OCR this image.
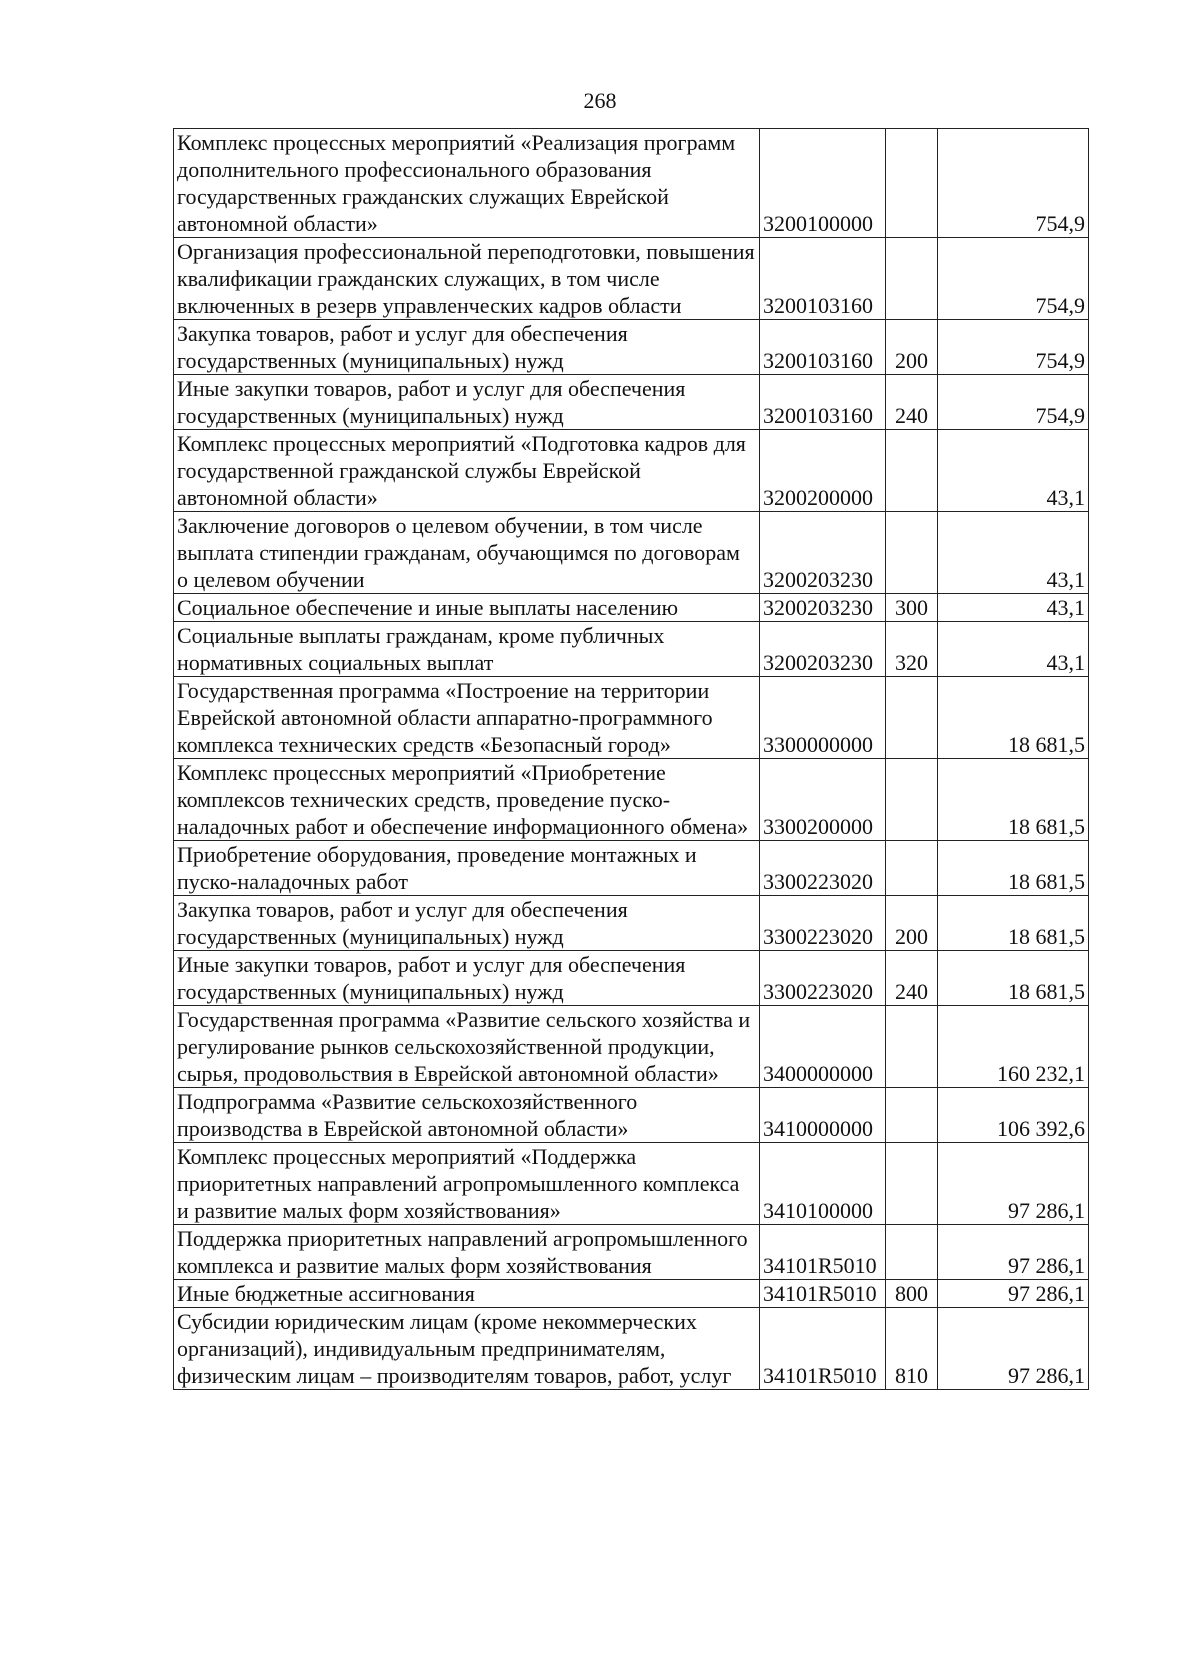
268
Комплекс процессных мероприятий «Реализация программ дополнительного профессионального образования государственных гражданских служащих Еврейской автономной области»	3200100000		754,9
Организация профессиональной переподготовки, повышения квалификации гражданских служащих, в том числе включенных в резерв управленческих кадров области	3200103160		754,9
Закупка товаров, работ и услуг для обеспечения государственных (муниципальных) нужд	3200103160	200	754,9
Иные закупки товаров, работ и услуг для обеспечения государственных (муниципальных) нужд	3200103160	240	754,9
Комплекс процессных мероприятий «Подготовка кадров для государственной гражданской службы Еврейской автономной области»	3200200000		43,1
Заключение договоров о целевом обучении, в том числе выплата стипендии гражданам, обучающимся по договорам о целевом обучении	3200203230		43,1
Социальное обеспечение и иные выплаты населению	3200203230	300	43,1
Социальные выплаты гражданам, кроме публичных нормативных социальных выплат	3200203230	320	43,1
Государственная программа «Построение на территории Еврейской автономной области аппаратно-программного комплекса технических средств «Безопасный город»	3300000000		18 681,5
Комплекс процессных мероприятий «Приобретение комплексов технических средств, проведение пуско-наладочных работ и обеспечение информационного обмена»	3300200000		18 681,5
Приобретение оборудования, проведение монтажных и пуско-наладочных работ	3300223020		18 681,5
Закупка товаров, работ и услуг для обеспечения государственных (муниципальных) нужд	3300223020	200	18 681,5
Иные закупки товаров, работ и услуг для обеспечения государственных (муниципальных) нужд	3300223020	240	18 681,5
Государственная программа «Развитие сельского хозяйства и регулирование рынков сельскохозяйственной продукции, сырья, продовольствия в Еврейской автономной области»	3400000000		160 232,1
Подпрограмма «Развитие сельскохозяйственного производства в Еврейской автономной области»	3410000000		106 392,6
Комплекс процессных мероприятий «Поддержка приоритетных направлений агропромышленного комплекса и развитие малых форм хозяйствования»	3410100000		97 286,1
Поддержка приоритетных направлений агропромышленного комплекса и развитие малых форм хозяйствования	34101R5010		97 286,1
Иные бюджетные ассигнования	34101R5010	800	97 286,1
Субсидии юридическим лицам (кроме некоммерческих организаций), индивидуальным предпринимателям, физическим лицам – производителям товаров, работ, услуг	34101R5010	810	97 286,1
